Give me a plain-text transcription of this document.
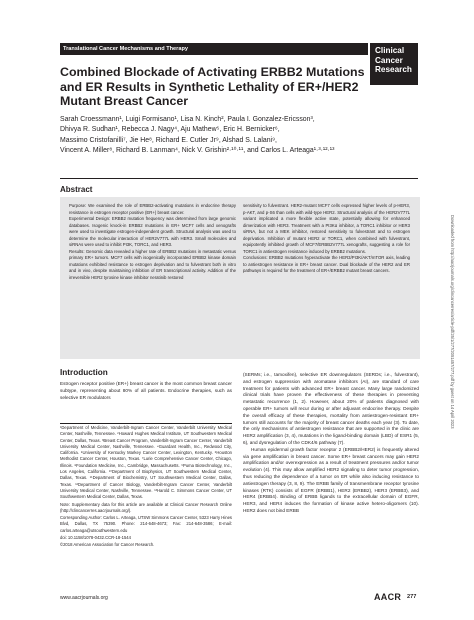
Translational Cancer Mechanisms and Therapy	Clinical
Cancer
Research
Combined Blockade of Activating ERBB2 Mutations and ER Results in Synthetic Lethality of ER+/HER2 Mutant Breast Cancer
Sarah Croessmann¹, Luigi Formisano¹, Lisa N. Kinch², Paula I. Gonzalez-Ericsson³,
Dhivya R. Sudhan¹, Rebecca J. Nagy⁴, Aju Mathew⁵, Eric H. Bernicker⁶,
Massimo Cristofanilli⁷, Jie He⁸, Richard E. Cutler Jr⁹, Alshad S. Lalani⁹,
Vincent A. Miller⁸, Richard B. Lanman⁴, Nick V. Grishin²·¹⁰·¹¹, and Carlos L. Arteaga¹·³·¹²·¹³
Abstract

Purpose: We examined the role of ERBB2-activating mutations in endocrine therapy resistance in estrogen receptor positive (ER+) breast cancer.

Experimental Design: ERBB2 mutation frequency was determined from large genomic databases. Isogenic knock-in ERBB2 mutations in ER+ MCF7 cells and xenografts were used to investigate estrogen-independent growth. Structural analysis was used to determine the molecular interaction of HER2V777L with HER3. Small molecules and siRNAs were used to inhibit PI3K, TORC1, and HER3.

Results: Genomic data revealed a higher rate of ERBB2 mutations in metastatic versus primary ER+ tumors. MCF7 cells with isogenically incorporated ERBB2 kinase domain mutations exhibited resistance to estrogen deprivation and to fulvestrant both in vitro and in vivo, despite maintaining inhibition of ER transcriptional activity. Addition of the irreversible HER2 tyrosine kinase inhibitor neratinib restored

sensitivity to fulvestrant. HER2-mutant MCF7 cells expressed higher levels of p-HER3, p-AKT, and p-S6 than cells with wild-type HER2. Structural analysis of the HER2V777L variant implicated a more flexible active state, potentially allowing for enhanced dimerization with HER3. Treatment with a PI3Kα inhibitor, a TORC1 inhibitor or HER3 siRNA, but not a MEK inhibitor, restored sensitivity to fulvestrant and to estrogen deprivation. Inhibition of mutant HER2 or TORC1, when combined with fulvestrant, equipotently inhibited growth of MCF7/ERBB2V777L xenografts, suggesting a role for TORC1 in antiestrogen resistance induced by ERBB2 mutations.

Conclusions: ERBB2 mutations hyperactivate the HER3/PI3K/AKT/mTOR axis, leading to antiestrogen resistance in ER+ breast cancer. Dual blockade of the HER2 and ER pathways is required for the treatment of ER+/ERBB2 mutant breast cancers.	Downloaded from http://aacrjournals.org/clincancerres/article-pdf/25/1/277/2051457/277.pdf by guest on 14 April 2023
Introduction

Estrogen receptor positive (ER+) breast cancer is the most common breast cancer subtype, representing about 80% of all patients. Endocrine therapies, such as selective ER modulators

¹Department of Medicine, Vanderbilt-Ingram Cancer Center, Vanderbilt University Medical Center, Nashville, Tennessee. ²Howard Hughes Medical Institute, UT Southwestern Medical Center, Dallas, Texas. ³Breast Cancer Program, Vanderbilt-Ingram Cancer Center, Vanderbilt University Medical Center, Nashville, Tennessee. ⁴Guardant Health, Inc., Redwood City, California. ⁵University of Kentucky Markey Cancer Center, Lexington, Kentucky. ⁶Houston Methodist Cancer Center, Houston, Texas. ⁷Lurie Comprehensive Cancer Center, Chicago, Illinois. ⁸Foundation Medicine, Inc., Cambridge, Massachusetts. ⁹Puma Biotechnology, Inc., Los Angeles, California. ¹⁰Department of Biophysics, UT Southwestern Medical Center, Dallas, Texas. ¹¹Department of Biochemistry, UT Southwestern Medical Center, Dallas, Texas. ¹²Department of Cancer Biology, Vanderbilt-Ingram Cancer Center, Vanderbilt University Medical Center, Nashville, Tennessee. ¹³Harold C. Simmons Cancer Center, UT Southwestern Medical Center, Dallas, Texas.

Note: Supplementary data for this article are available at Clinical Cancer Research Online (http://clincancerres.aacrjournals.org/).

Corresponding Author: Carlos L. Arteaga, UTSW Simmons Cancer Center, 5323 Harry Hines Blvd, Dallas, TX 75390. Phone: 214-648-4673; Fax: 214-648-3586; E-mail: carlos.arteaga@utsouthwestern.edu

doi: 10.1158/1078-0432.CCR-18-1544

©2018 American Association for Cancer Research.

(SERMs; i.e., tamoxifen), selective ER downregulators (SERDs; i.e., fulvestrant), and estrogen suppression with aromatase inhibitors (AI), are standard of care treatment for patients with advanced ER+ breast cancer. Many large randomized clinical trials have proven the effectiveness of these therapies in preventing metastatic recurrence (1, 2). However, about 20% of patients diagnosed with operable ER+ tumors will recur during or after adjuvant endocrine therapy. Despite the overall efficacy of these therapies, mortality from antiestrogen-resistant ER+ tumors still accounts for the majority of breast cancer deaths each year (3). To date, the only mechanisms of antiestrogen resistance that are supported in the clinic are HER2 amplification (3, 4), mutations in the ligand-binding domain (LBD) of ESR1 (5, 6), and dysregulation of the CDK4/6 pathway (7).

Human epidermal growth factor receptor 2 (ERBB2/HER2) is frequently altered via gene amplification in breast cancer. Some ER+ breast cancers may gain HER2 amplification and/or overexpression as a result of treatment pressures and/or tumor evolution (4). This may allow amplified HER2 signaling to deter tumor progression, thus reducing the dependence of a tumor on ER while also inducing resistance to antiestrogen therapy (3, 8, 9). The ERBB family of transmembrane receptor tyrosine kinases (RTK) consists of EGFR (ERBB1), HER2 (ERBB2), HER3 (ERBB3), and HER4 (ERBB4). Binding of ERBB ligands to the extracellular domain of EGFR, HER3, and HER4 induces the formation of kinase active hetero-oligomers (10). HER2 does not bind ERBB

www.aacrjournals.org	AACR 277
